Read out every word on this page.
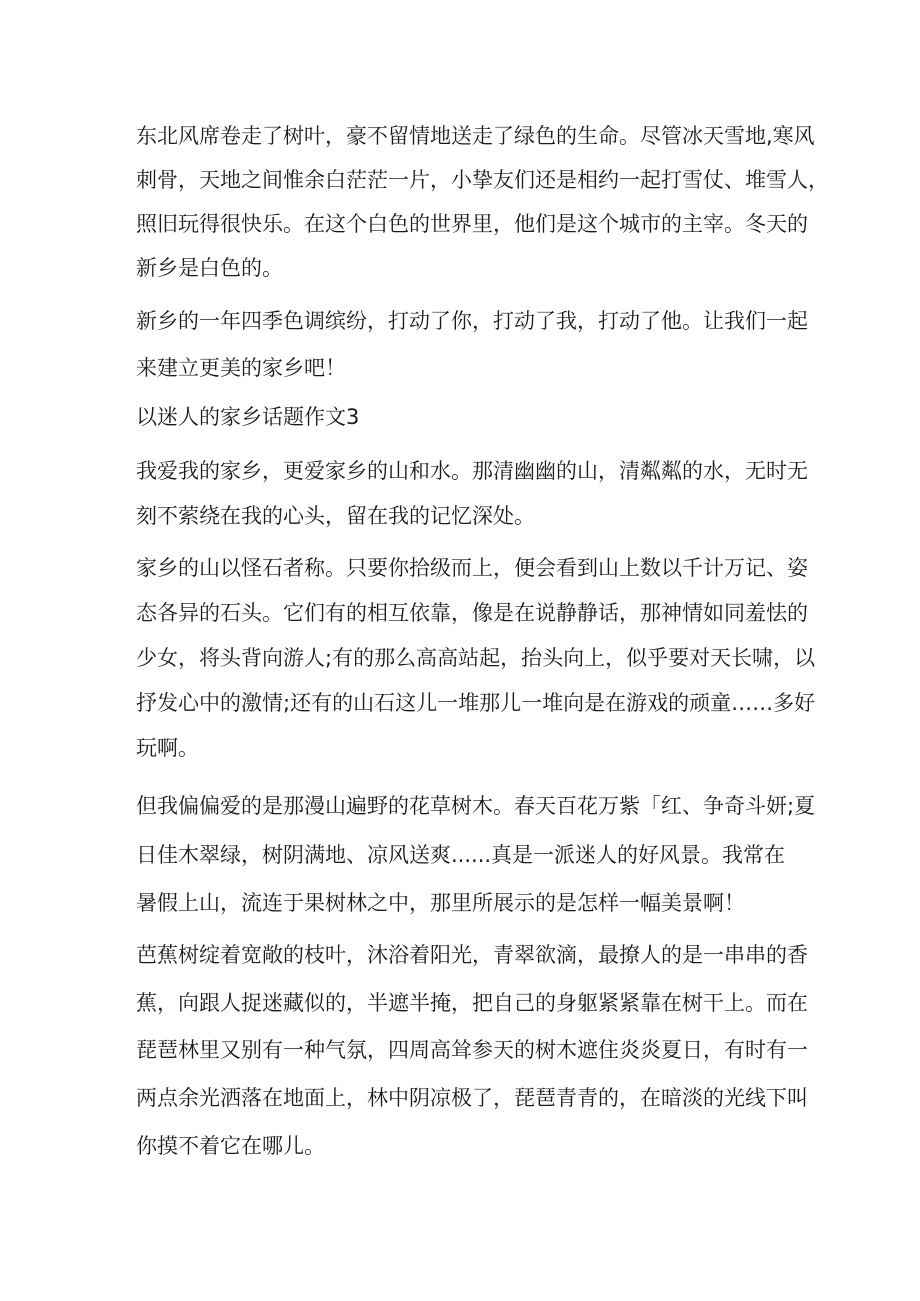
东北风席卷走了树叶，豪不留情地送走了绿色的生命。尽管冰天雪地,寒风

刺骨，天地之间惟余白茫茫一片，小挚友们还是相约一起打雪仗、堆雪人，

照旧玩得很快乐。在这个白色的世界里，他们是这个城市的主宰。冬天的

新乡是白色的。

新乡的一年四季色调缤纷，打动了你，打动了我，打动了他。让我们一起

来建立更美的家乡吧！

以迷人的家乡话题作文3

我爱我的家乡，更爱家乡的山和水。那清幽幽的山，清粼粼的水，无时无

刻不萦绕在我的心头，留在我的记忆深处。

家乡的山以怪石者称。只要你拾级而上，便会看到山上数以千计万记、姿

态各异的石头。它们有的相互依靠，像是在说静静话，那神情如同羞怯的

少女，将头背向游人;有的那么高高站起，抬头向上，似乎要对天长啸，以

抒发心中的激情;还有的山石这儿一堆那儿一堆向是在游戏的顽童……多好

玩啊。

但我偏偏爱的是那漫山遍野的花草树木。春天百花万紫「红、争奇斗妍;夏

日佳木翠绿，树阴满地、凉风送爽......真是一派迷人的好风景。我常在

暑假上山，流连于果树林之中，那里所展示的是怎样一幅美景啊！

芭蕉树绽着宽敞的枝叶，沐浴着阳光，青翠欲滴，最撩人的是一串串的香

蕉，向跟人捉迷藏似的，半遮半掩，把自己的身躯紧紧靠在树干上。而在

琵琶林里又别有一种气氛，四周高耸参天的树木遮住炎炎夏日，有时有一

两点余光洒落在地面上，林中阴凉极了，琵琶青青的，在暗淡的光线下叫

你摸不着它在哪儿。
